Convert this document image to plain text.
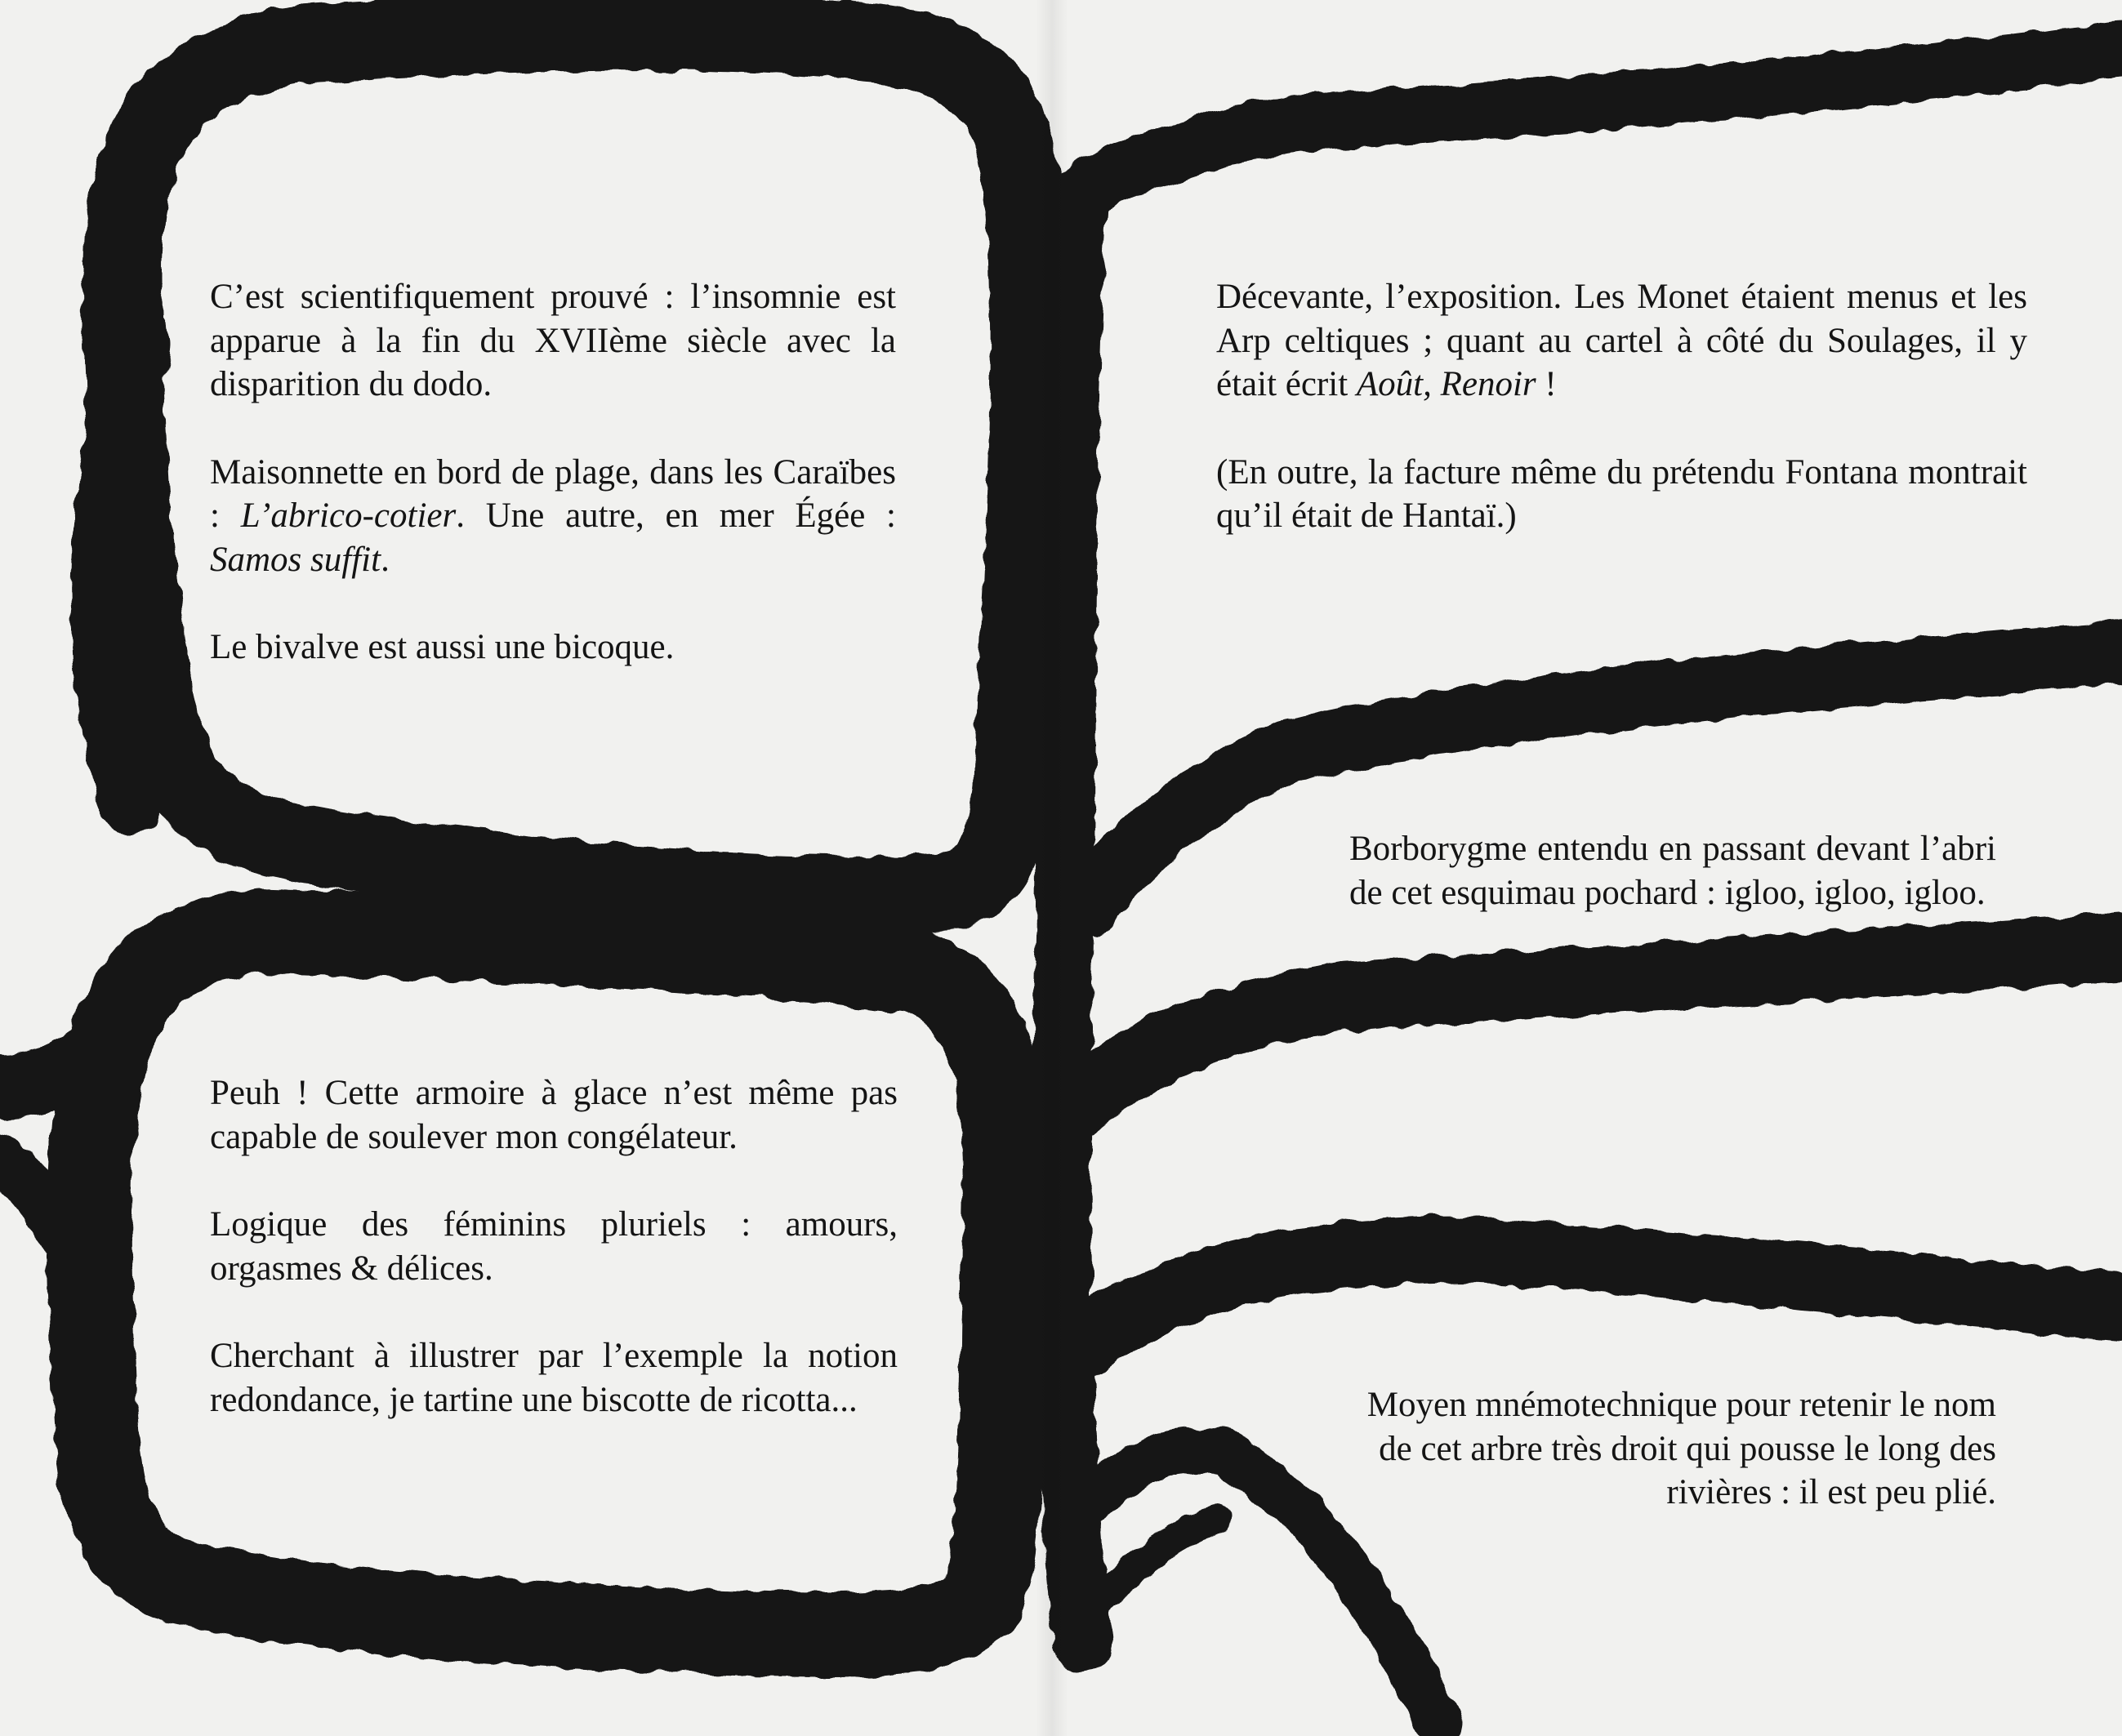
C’est scientifiquement prouvé : l’insomnie est apparue à la fin du XVIIème siècle avec la disparition du dodo.

Maisonnette en bord de plage, dans les Caraïbes : L’abrico-cotier. Une autre, en mer Égée : Samos suffit.

Le bivalve est aussi une bicoque.

Peuh ! Cette armoire à glace n’est même pas capable de soulever mon congélateur.

Logique des féminins pluriels : amours, orgasmes & délices.

Cherchant à illustrer par l’exemple la notion redondance, je tartine une biscotte de ricotta...

Décevante, l’exposition. Les Monet étaient menus et les Arp celtiques ; quant au cartel à côté du Soulages, il y était écrit Août, Renoir !

(En outre, la facture même du prétendu Fontana montrait qu’il était de Hantaï.)

Borborygme entendu en passant devant l’abri de cet esquimau pochard : igloo, igloo, igloo.

Moyen mnémotechnique pour retenir le nom de cet arbre très droit qui pousse le long des rivières : il est peu plié.
